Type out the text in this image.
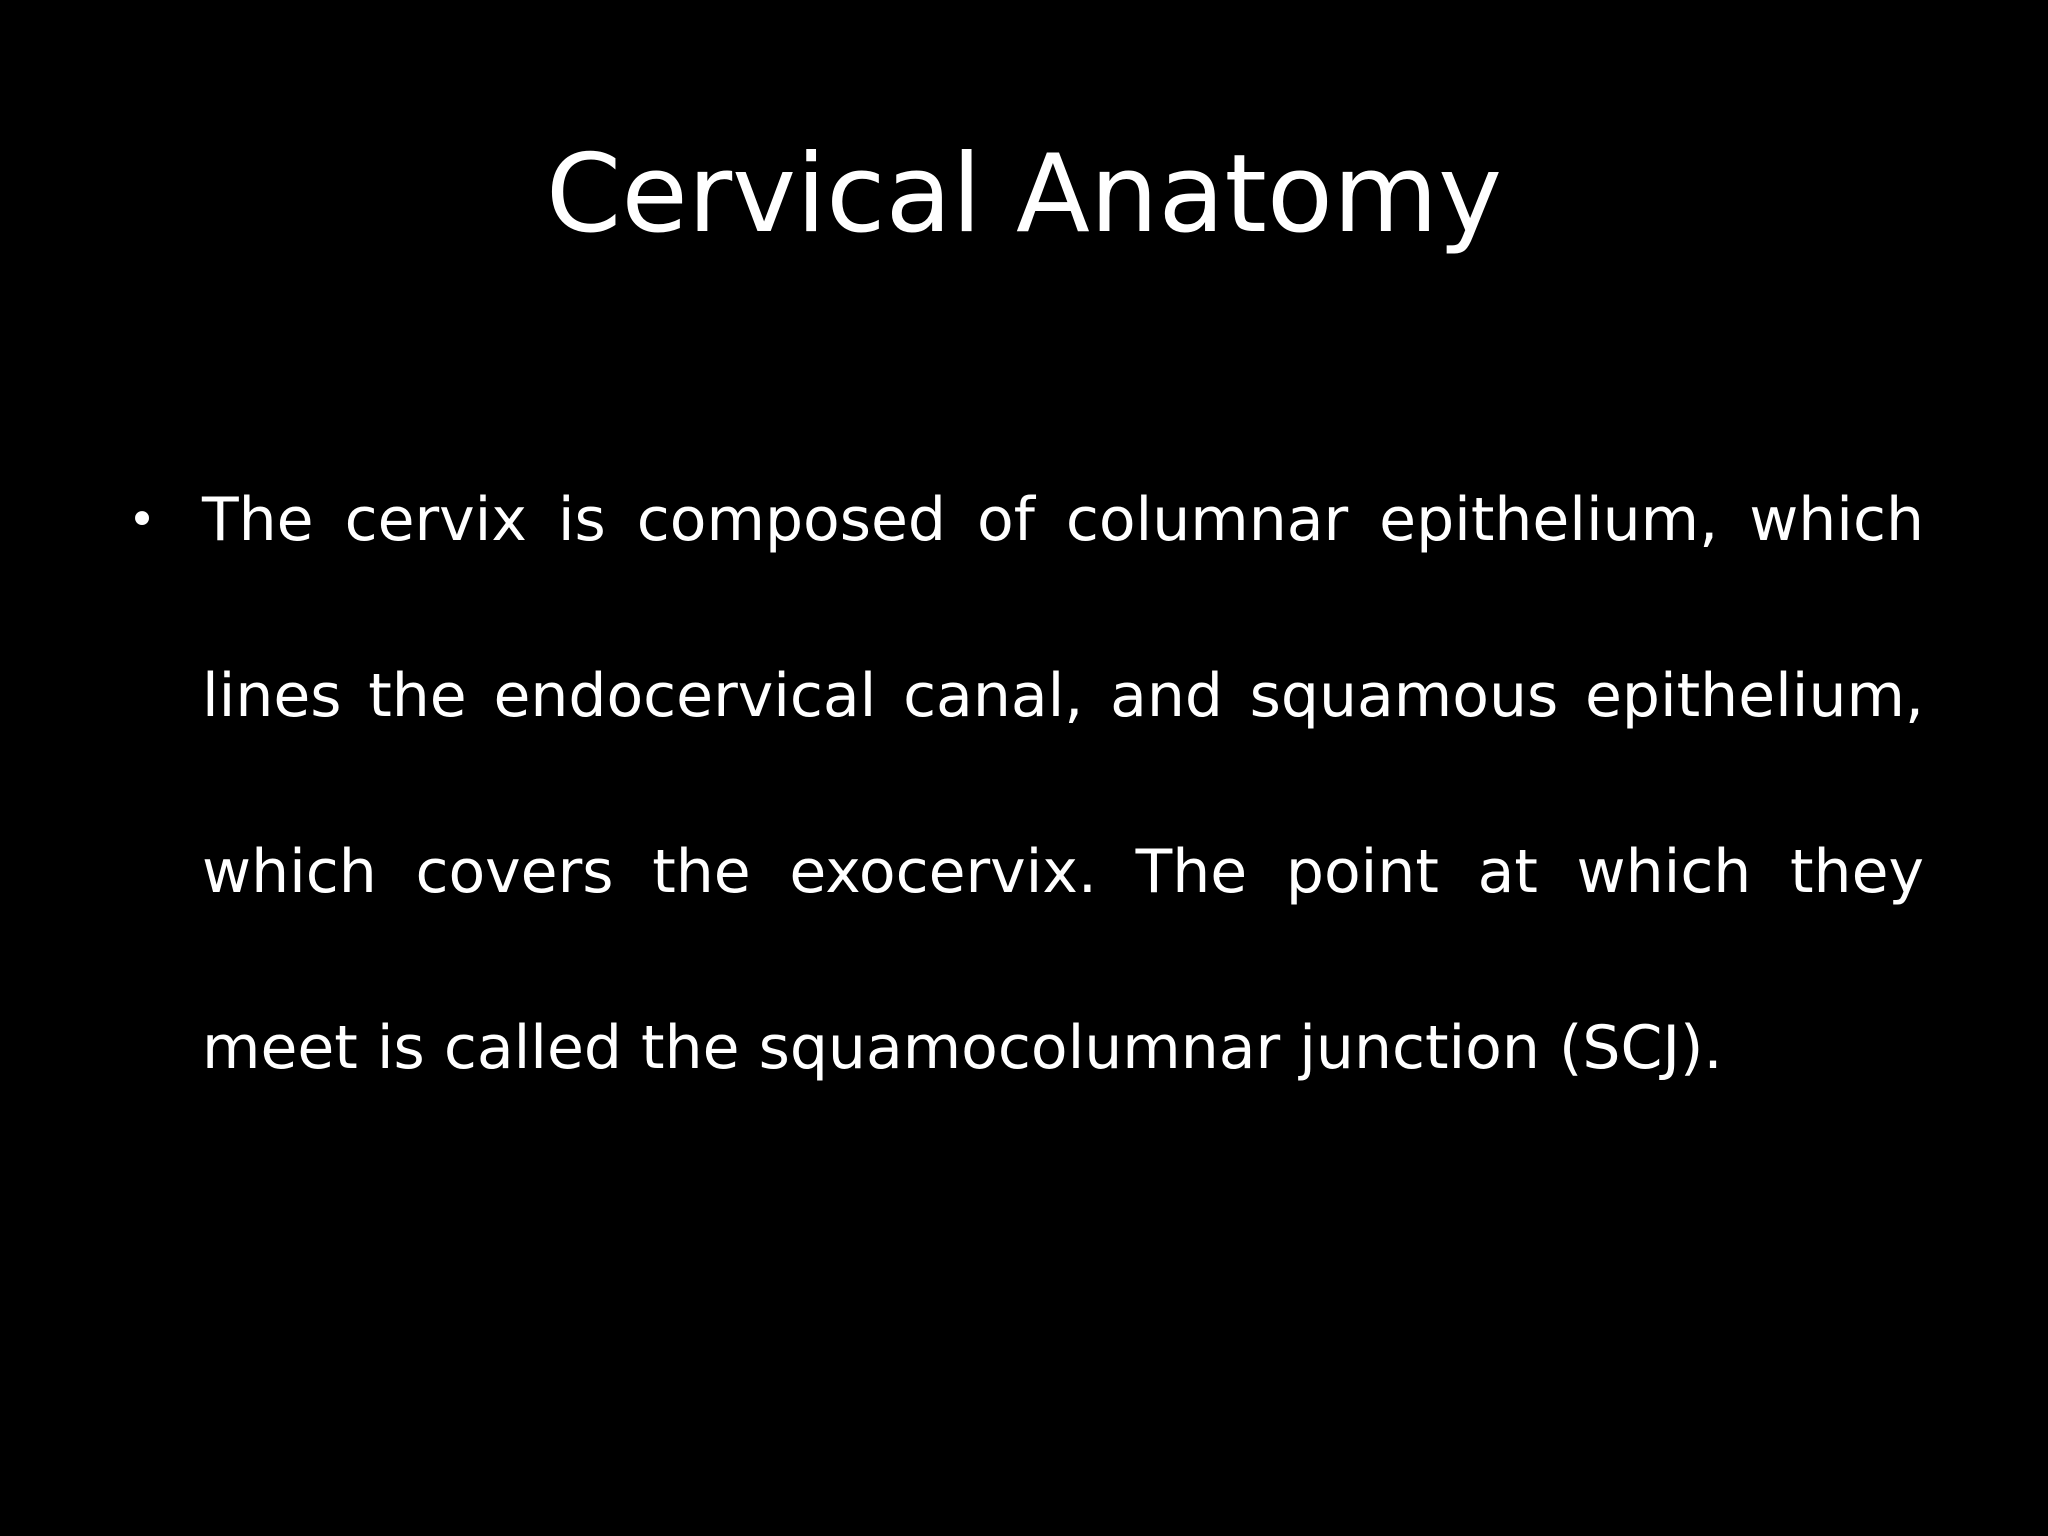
Cervical Anatomy
• The cervix is composed of columnar epithelium, which lines the endocervical canal, and squamous epithelium, which covers the exocervix. The point at which they meet is called the squamocolumnar junction (SCJ).
